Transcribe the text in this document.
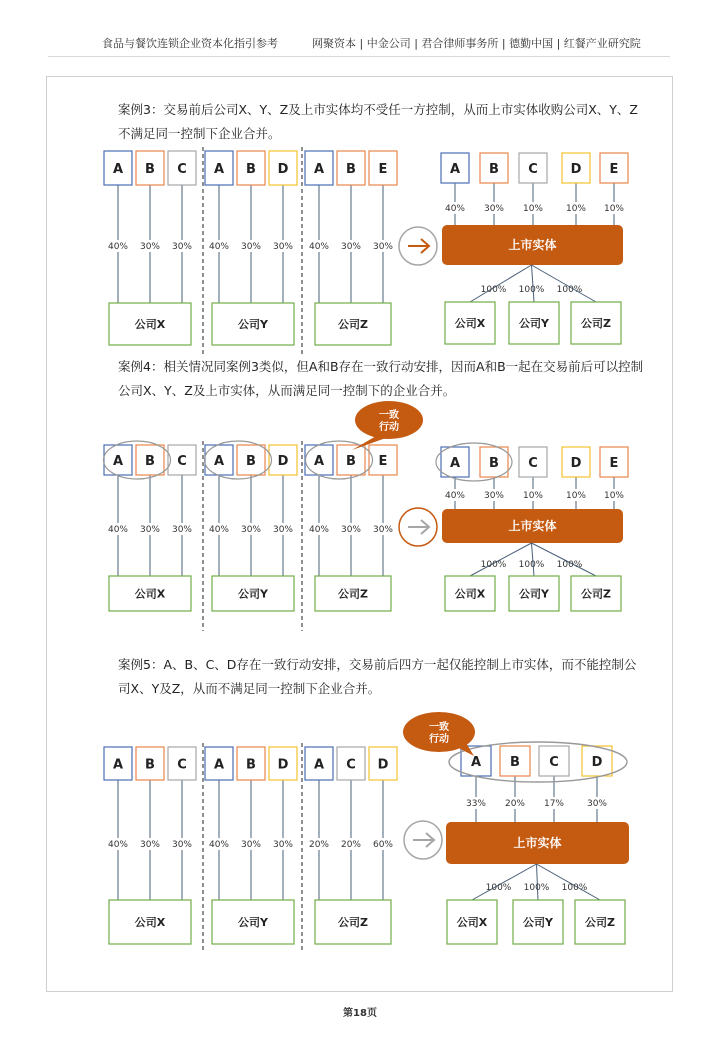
食品与餐饮连锁企业资本化指引参考	网聚资本 | 中金公司 | 君合律师事务所 | 德勤中国 | 红餐产业研究院

案例3：交易前后公司X、Y、Z及上市实体均不受任一方控制，从而上市实体收购公司X、Y、Z不满足同一控制下企业合并。

A
40%
B
30%
C
30%
公司X
A
40%
B
30%
D
30%
公司Y
A
40%
B
30%
E
30%
公司Z
A
40%
B
30%
C
10%
D
10%
E
10%
上市实体
公司X
100%
公司Y
100%
公司Z
100%

案例4：相关情况同案例3类似，但A和B存在一致行动安排，因而A和B一起在交易前后可以控制公司X、Y、Z及上市实体，从而满足同一控制下的企业合并。

A
40%
B
30%
C
30%
公司X
A
40%
B
30%
D
30%
公司Y
A
40%
B
30%
E
30%
公司Z
A
40%
B
30%
C
10%
D
10%
E
10%
上市实体
公司X
100%
公司Y
100%
公司Z
100%
一致
行动

案例5：A、B、C、D存在一致行动安排，交易前后四方一起仅能控制上市实体，而不能控制公司X、Y及Z，从而不满足同一控制下企业合并。

A
40%
B
30%
C
30%
公司X
A
40%
B
30%
D
30%
公司Y
A
20%
C
20%
D
60%
公司Z
A
33%
B
20%
C
17%
D
30%
上市实体
公司X
100%
公司Y
100%
公司Z
100%
一致
行动
第18页
